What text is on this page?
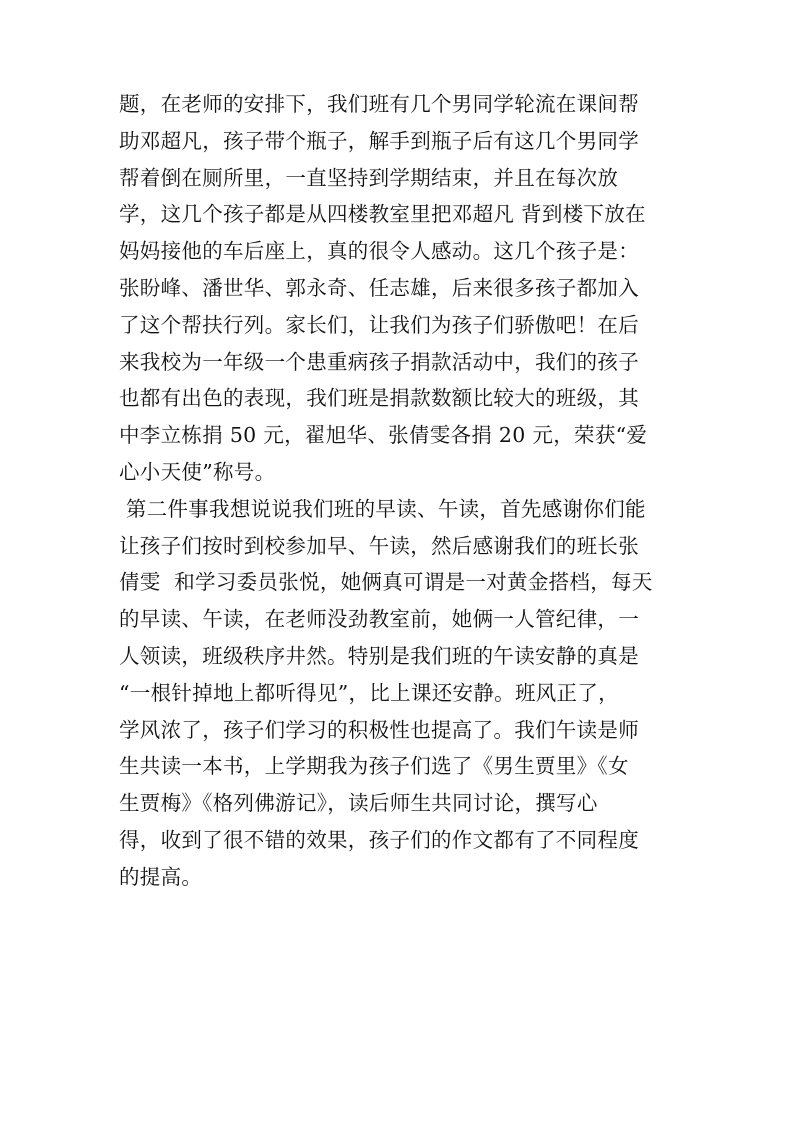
题，在老师的安排下，我们班有几个男同学轮流在课间帮
助邓超凡，孩子带个瓶子，解手到瓶子后有这几个男同学
帮着倒在厕所里，一直坚持到学期结束，并且在每次放
学，这几个孩子都是从四楼教室里把邓超凡 背到楼下放在
妈妈接他的车后座上，真的很令人感动。这几个孩子是：
张盼峰、潘世华、郭永奇、任志雄，后来很多孩子都加入
了这个帮扶行列。家长们，让我们为孩子们骄傲吧！在后
来我校为一年级一个患重病孩子捐款活动中，我们的孩子
也都有出色的表现，我们班是捐款数额比较大的班级，其
中李立栋捐 50 元，翟旭华、张倩雯各捐 20 元，荣获“爱
心小天使”称号。
第二件事我想说说我们班的早读、午读，首先感谢你们能
让孩子们按时到校参加早、午读，然后感谢我们的班长张
倩雯  和学习委员张悦，她俩真可谓是一对黄金搭档，每天
的早读、午读，在老师没劲教室前，她俩一人管纪律，一
人领读，班级秩序井然。特别是我们班的午读安静的真是
“一根针掉地上都听得见”，比上课还安静。班风正了，
学风浓了，孩子们学习的积极性也提高了。我们午读是师
生共读一本书，上学期我为孩子们选了《男生贾里》《女
生贾梅》《格列佛游记》，读后师生共同讨论，撰写心
得，收到了很不错的效果，孩子们的作文都有了不同程度
的提高。
